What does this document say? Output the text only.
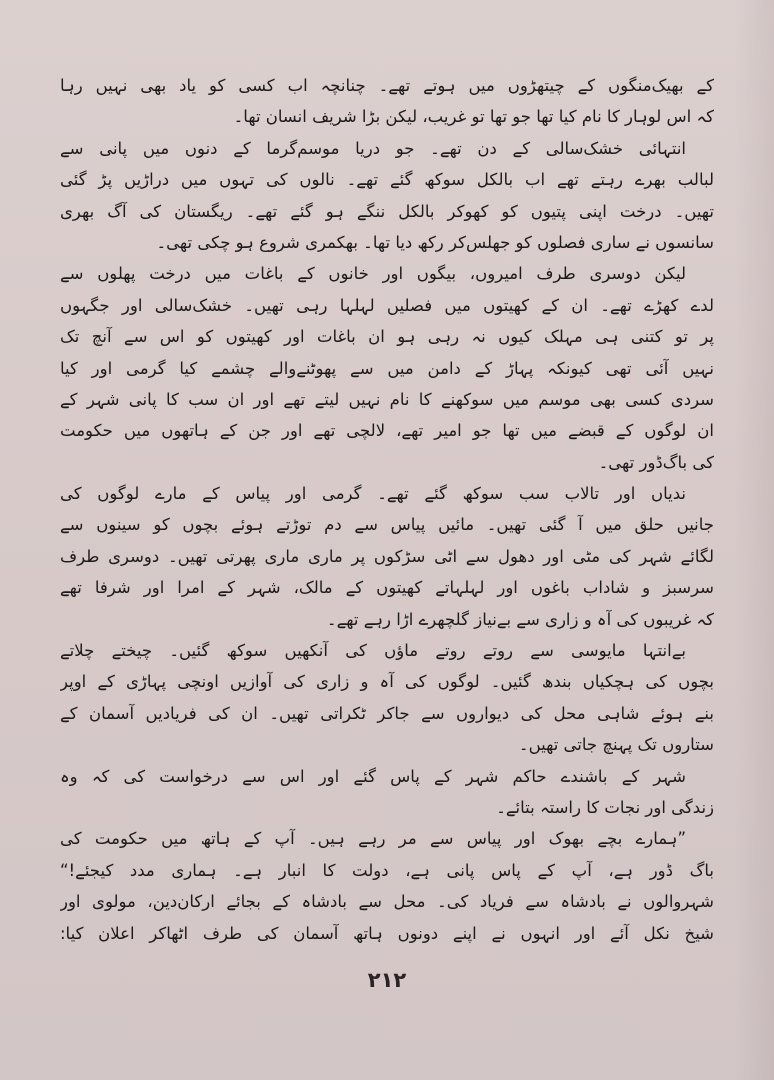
کے بھیک‌منگوں کے چیتھڑوں میں ہوتے تھے۔ چنانچہ اب کسی کو یاد بھی نہیں رہا
کہ اس لوہار کا نام کیا تھا جو تھا تو غریب، لیکن بڑا شریف انسان تھا۔
انتہائی خشک‌سالی کے دن تھے۔ جو دریا موسم‌گرما کے دنوں میں پانی سے
لبالب بھرے رہتے تھے اب بالکل سوکھ گئے تھے۔ نالوں کی تہوں میں دراڑیں پڑ گئی
تھیں۔ درخت اپنی پتیوں کو کھوکر بالکل ننگے ہو گئے تھے۔ ریگستان کی آگ بھری
سانسوں نے ساری فصلوں کو جھلس‌کر رکھ دیا تھا۔ بھکمری شروع ہو چکی تھی۔
لیکن دوسری طرف امیروں، بیگوں اور خانوں کے باغات میں درخت پھلوں سے
لدے کھڑے تھے۔ ان کے کھیتوں میں فصلیں لہلہا رہی تھیں۔ خشک‌سالی اور جگہوں
پر تو کتنی ہی مہلک کیوں نہ رہی ہو ان باغات اور کھیتوں کو اس سے آنچ تک
نہیں آئی تھی کیونکہ پہاڑ کے دامن میں سے پھوٹنے‌والے چشمے کیا گرمی اور کیا
سردی کسی بھی موسم میں سوکھنے کا نام نہیں لیتے تھے اور ان سب کا پانی شہر کے
ان لوگوں کے قبضے میں تھا جو امیر تھے، لالچی تھے اور جن کے ہاتھوں میں حکومت
کی باگ‌ڈور تھی۔
ندیاں اور تالاب سب سوکھ گئے تھے۔ گرمی اور پیاس کے مارے لوگوں کی
جانیں حلق میں آ گئی تھیں۔ مائیں پیاس سے دم توڑتے ہوئے بچوں کو سینوں سے
لگائے شہر کی مٹی اور دھول سے اٹی سڑکوں پر ماری ماری پھرتی تھیں۔ دوسری طرف
سرسبز و شاداب باغوں اور لہلہاتے کھیتوں کے مالک، شہر کے امرا اور شرفا تھے
کہ غریبوں کی آہ و زاری سے بےنیاز گلچھرے اڑا رہے تھے۔
بےانتہا مایوسی سے روتے روتے ماؤں کی آنکھیں سوکھ گئیں۔ چیختے چلاتے
بچوں کی ہچکیاں بندھ گئیں۔ لوگوں کی آہ و زاری کی آوازیں اونچی پہاڑی کے اوپر
بنے ہوئے شاہی محل کی دیواروں سے جاکر ٹکراتی تھیں۔ ان کی فریادیں آسمان کے
ستاروں تک پہنچ جاتی تھیں۔
شہر کے باشندے حاکم شہر کے پاس گئے اور اس سے درخواست کی کہ وہ
زندگی اور نجات کا راستہ بتائے۔
”ہمارے بچے بھوک اور پیاس سے مر رہے ہیں۔ آپ کے ہاتھ میں حکومت کی
باگ ڈور ہے، آپ کے پاس پانی ہے، دولت کا انبار ہے۔ ہماری مدد کیجئے!“
شہروالوں نے بادشاہ سے فریاد کی۔ محل سے بادشاہ کے بجائے ارکان‌دین، مولوی اور
شیخ نکل آئے اور انہوں نے اپنے دونوں ہاتھ آسمان کی طرف اٹھاکر اعلان کیا:
۲۱۲
